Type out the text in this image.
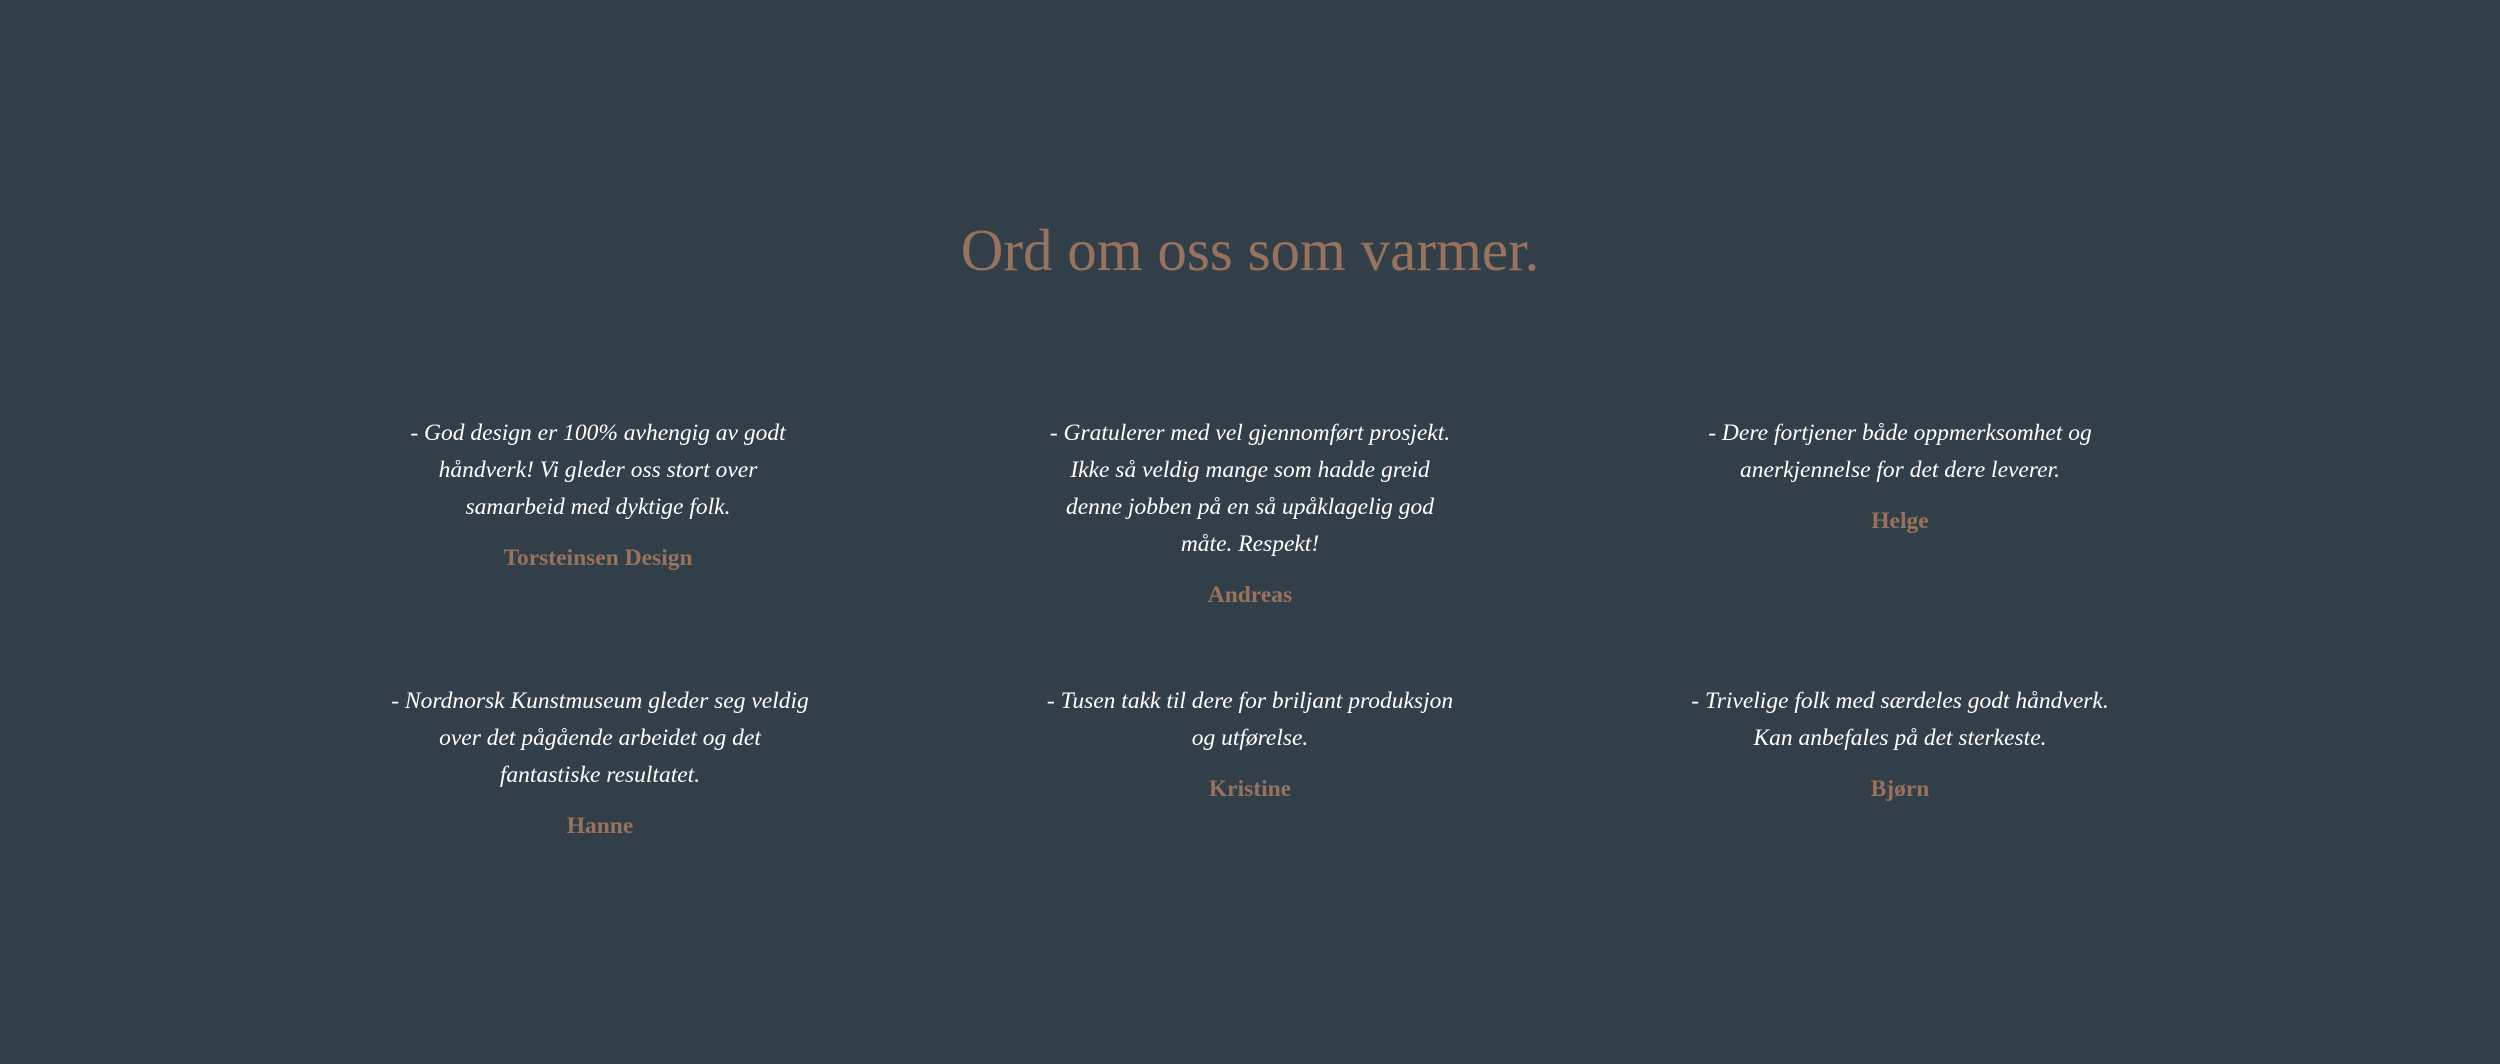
Ord om oss som varmer.

- God design er 100% avhengig av godt
håndverk! Vi gleder oss stort over
samarbeid med dyktige folk.

Torsteinsen Design

- Gratulerer med vel gjennomført prosjekt.
Ikke så veldig mange som hadde greid
denne jobben på en så upåklagelig god
måte. Respekt!

Andreas

- Dere fortjener både oppmerksomhet og
anerkjennelse for det dere leverer.

Helge

- Nordnorsk Kunstmuseum gleder seg veldig
over det pågående arbeidet og det
fantastiske resultatet.

Hanne

- Tusen takk til dere for briljant produksjon
og utførelse.

Kristine

- Trivelige folk med særdeles godt håndverk.
Kan anbefales på det sterkeste.

Bjørn
